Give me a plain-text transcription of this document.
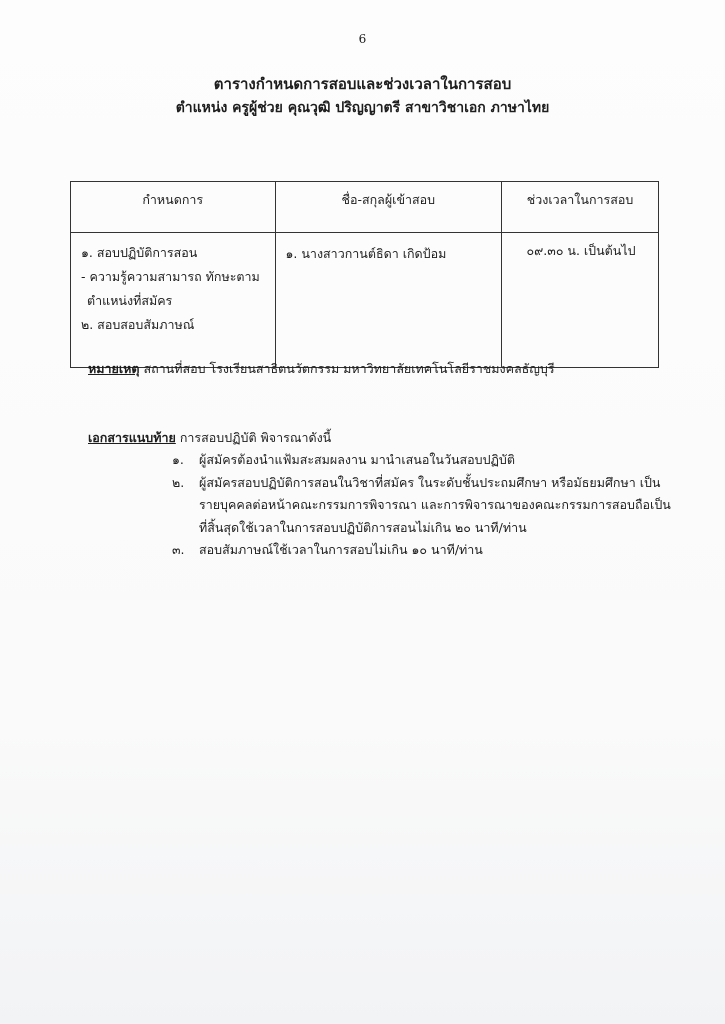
6
ตารางกำหนดการสอบและช่วงเวลาในการสอบ
ตำแหน่ง ครูผู้ช่วย คุณวุฒิ ปริญญาตรี สาขาวิชาเอก ภาษาไทย
กำหนดการ	ชื่อ-สกุลผู้เข้าสอบ	ช่วงเวลาในการสอบ

๑. สอบปฏิบัติการสอน
- ความรู้ความสามารถ ทักษะตาม
ตำแหน่งที่สมัคร
๒. สอบสอบสัมภาษณ์	๑. นางสาวกานต์ธิดา เกิดป้อม	๐๙.๓๐ น. เป็นต้นไป
หมายเหตุ สถานที่สอบ โรงเรียนสาธิตนวัตกรรม มหาวิทยาลัยเทคโนโลยีราชมงคลธัญบุรี
เอกสารแนบท้าย การสอบปฏิบัติ พิจารณาดังนี้
๑.	ผู้สมัครต้องนำแฟ้มสะสมผลงาน มานำเสนอในวันสอบปฏิบัติ
๒.	ผู้สมัครสอบปฏิบัติการสอนในวิชาที่สมัคร ในระดับชั้นประถมศึกษา หรือมัธยมศึกษา เป็น
รายบุคคลต่อหน้าคณะกรรมการพิจารณา และการพิจารณาของคณะกรรมการสอบถือเป็น
ที่สิ้นสุดใช้เวลาในการสอบปฏิบัติการสอนไม่เกิน ๒๐ นาที/ท่าน
๓.	สอบสัมภาษณ์ใช้เวลาในการสอบไม่เกิน ๑๐ นาที/ท่าน
